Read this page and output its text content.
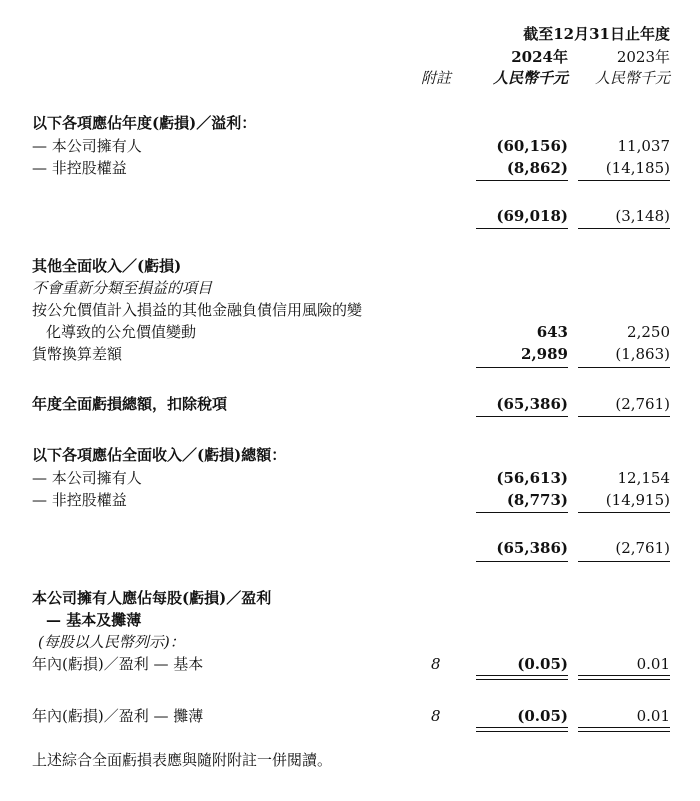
截至12月31日止年度
2024年	2023年
附註	人民幣千元 人民幣千元
以下各項應佔年度(虧損)／溢利：
— 本公司擁有人	(60,156)	11,037
— 非控股權益	(8,862)	(14,185)
(69,018)	(3,148)
其他全面收入／(虧損)
不會重新分類至損益的項目
按公允價值計入損益的其他金融負債信用風險的變
化導致的公允價值變動	643	2,250
貨幣換算差額	2,989	(1,863)
年度全面虧損總額，扣除稅項	(65,386)	(2,761)
以下各項應佔全面收入／(虧損)總額：
— 本公司擁有人	(56,613)	12,154
— 非控股權益	(8,773)	(14,915)
(65,386)	(2,761)
本公司擁有人應佔每股(虧損)／盈利
— 基本及攤薄
(每股以人民幣列示)：
年內(虧損)／盈利 — 基本	8	(0.05)	0.01
年內(虧損)／盈利 — 攤薄	8	(0.05)	0.01
上述綜合全面虧損表應與隨附附註一併閱讀。
